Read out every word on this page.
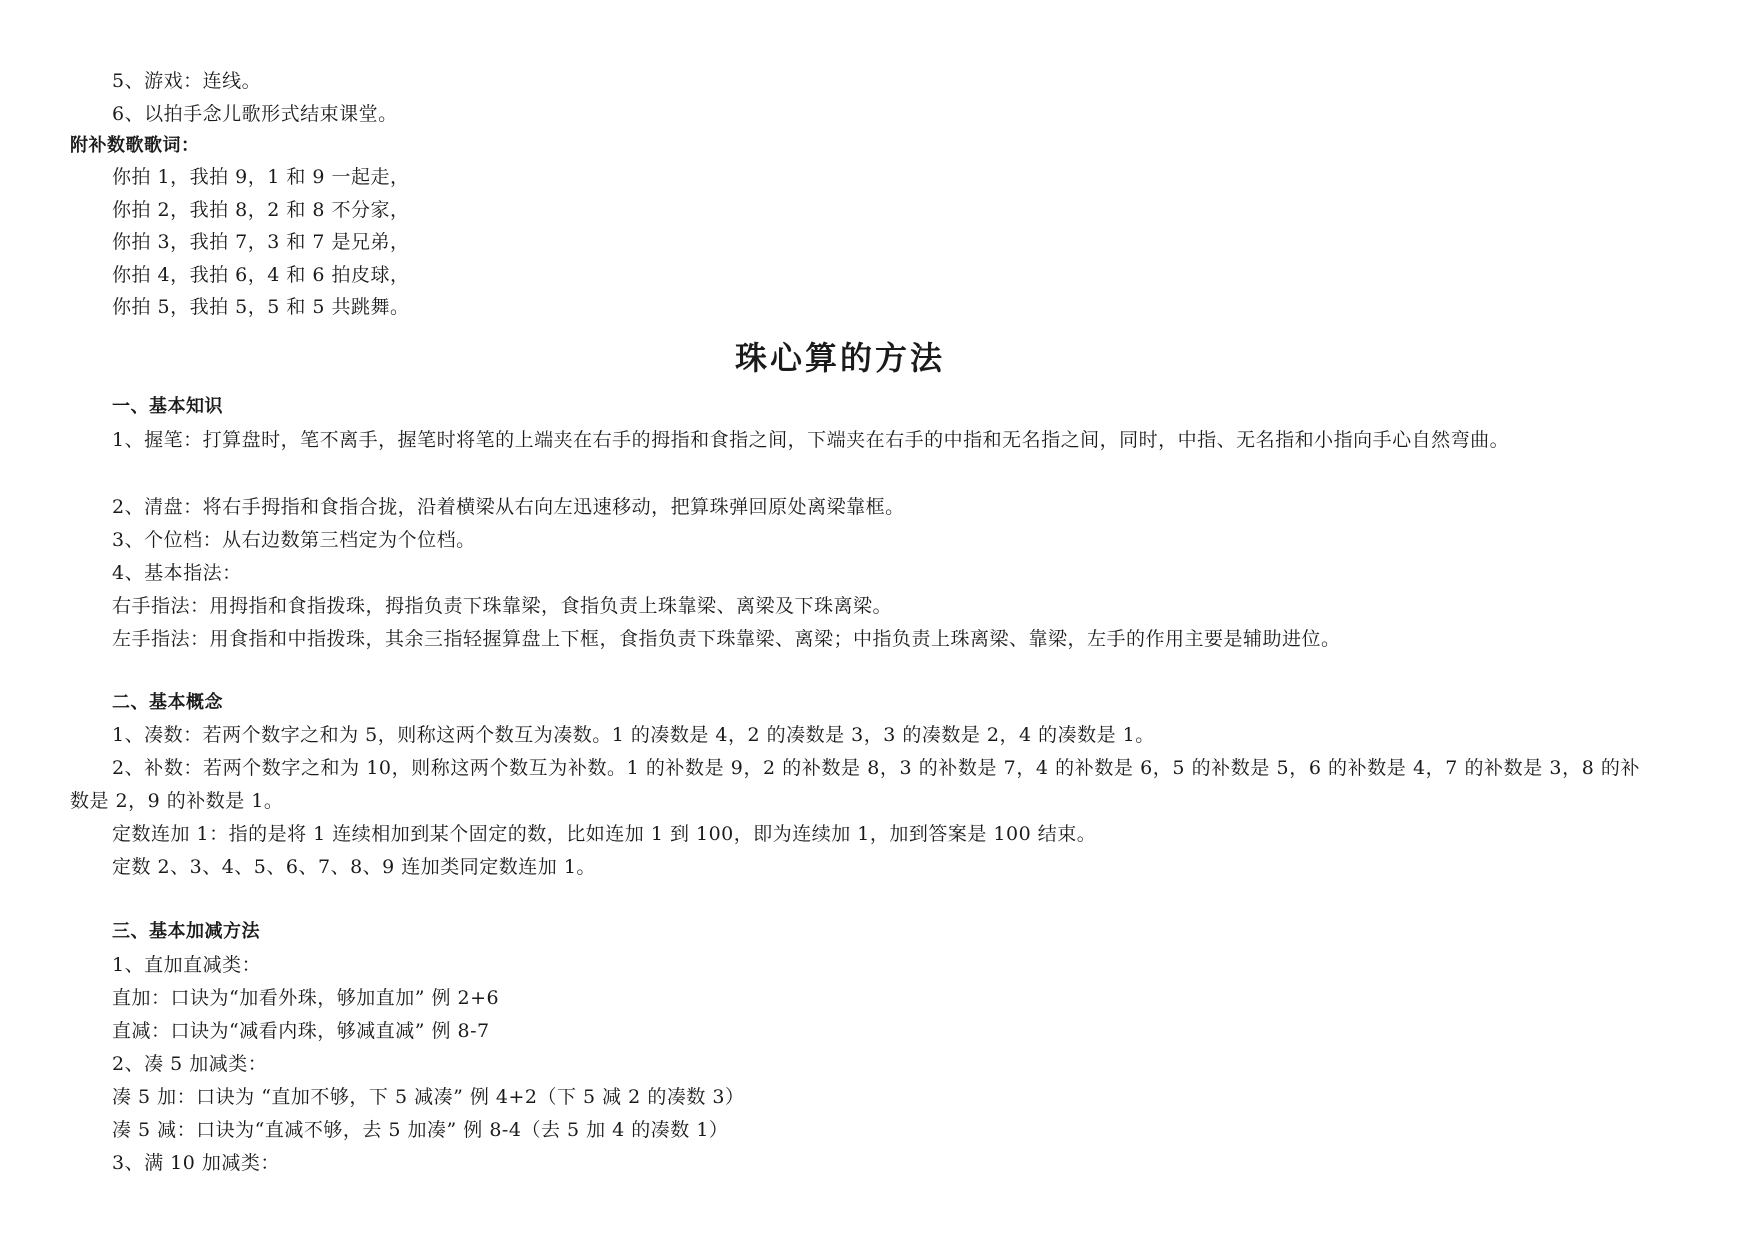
5、游戏：连线。
6、以拍手念儿歌形式结束课堂。
附补数歌歌词：
你拍 1，我拍 9，1 和 9 一起走，
你拍 2，我拍 8，2 和 8 不分家，
你拍 3，我拍 7，3 和 7 是兄弟，
你拍 4，我拍 6，4 和 6 拍皮球，
你拍 5，我拍 5，5 和 5 共跳舞。
珠心算的方法
一、基本知识
1、握笔：打算盘时，笔不离手，握笔时将笔的上端夹在右手的拇指和食指之间，下端夹在右手的中指和无名指之间，同时，中指、无名指和小指向手心自然弯曲。
2、清盘：将右手拇指和食指合拢，沿着横梁从右向左迅速移动，把算珠弹回原处离梁靠框。
3、个位档：从右边数第三档定为个位档。
4、基本指法：
右手指法：用拇指和食指拨珠，拇指负责下珠靠梁，食指负责上珠靠梁、离梁及下珠离梁。
左手指法：用食指和中指拨珠，其余三指轻握算盘上下框，食指负责下珠靠梁、离梁；中指负责上珠离梁、靠梁，左手的作用主要是辅助进位。
二、基本概念
1、凑数：若两个数字之和为 5，则称这两个数互为凑数。1 的凑数是 4，2 的凑数是 3，3 的凑数是 2，4 的凑数是 1。
2、补数：若两个数字之和为 10，则称这两个数互为补数。1 的补数是 9，2 的补数是 8，3 的补数是 7，4 的补数是 6，5 的补数是 5，6 的补数是 4，7 的补数是 3，8 的补数是 2，9 的补数是 1。
定数连加 1：指的是将 1 连续相加到某个固定的数，比如连加 1 到 100，即为连续加 1，加到答案是 100 结束。
定数 2、3、4、5、6、7、8、9 连加类同定数连加 1。
三、基本加减方法
1、直加直减类：
直加：口诀为“加看外珠，够加直加” 例 2+6
直减：口诀为“减看内珠，够减直减” 例 8-7
2、凑 5 加减类：
凑 5 加：口诀为 “直加不够，下 5 减凑” 例 4+2（下 5 减 2 的凑数 3）
凑 5 减：口诀为“直减不够，去 5 加凑” 例 8-4（去 5 加 4 的凑数 1）
3、满 10 加减类：
